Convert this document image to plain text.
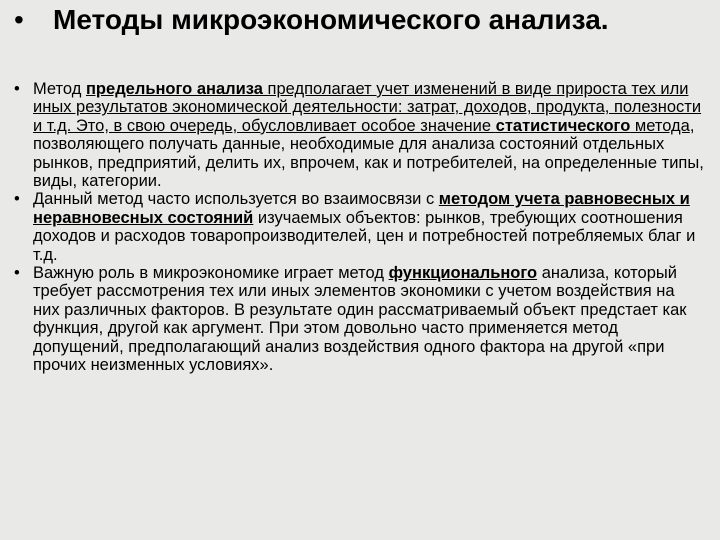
•	Методы микроэкономического анализа.
• Метод предельного анализа предполагает учет изменений в виде прироста тех или иных результатов экономической деятельности: затрат, доходов, продукта, полезности и т.д. Это, в свою очередь, обусловливает особое значение статистического метода, позволяющего получать данные, необходимые для анализа состояний отдельных рынков, предприятий, делить их, впрочем, как и потребителей, на определенные типы, виды, категории.
• Данный метод часто используется во взаимосвязи с методом учета равновесных и неравновесных состояний изучаемых объектов: рынков, требующих соотношения доходов и расходов товаропроизводителей, цен и потребностей потребляемых благ и т.д.
• Важную роль в микроэкономике играет метод функционального анализа, который требует рассмотрения тех или иных элементов экономики с учетом воздействия на них различных факторов. В результате один рассматриваемый объект предстает как функция, другой как аргумент. При этом довольно часто применяется метод допущений, предполагающий анализ воздействия одного фактора на другой «при прочих неизменных условиях».
